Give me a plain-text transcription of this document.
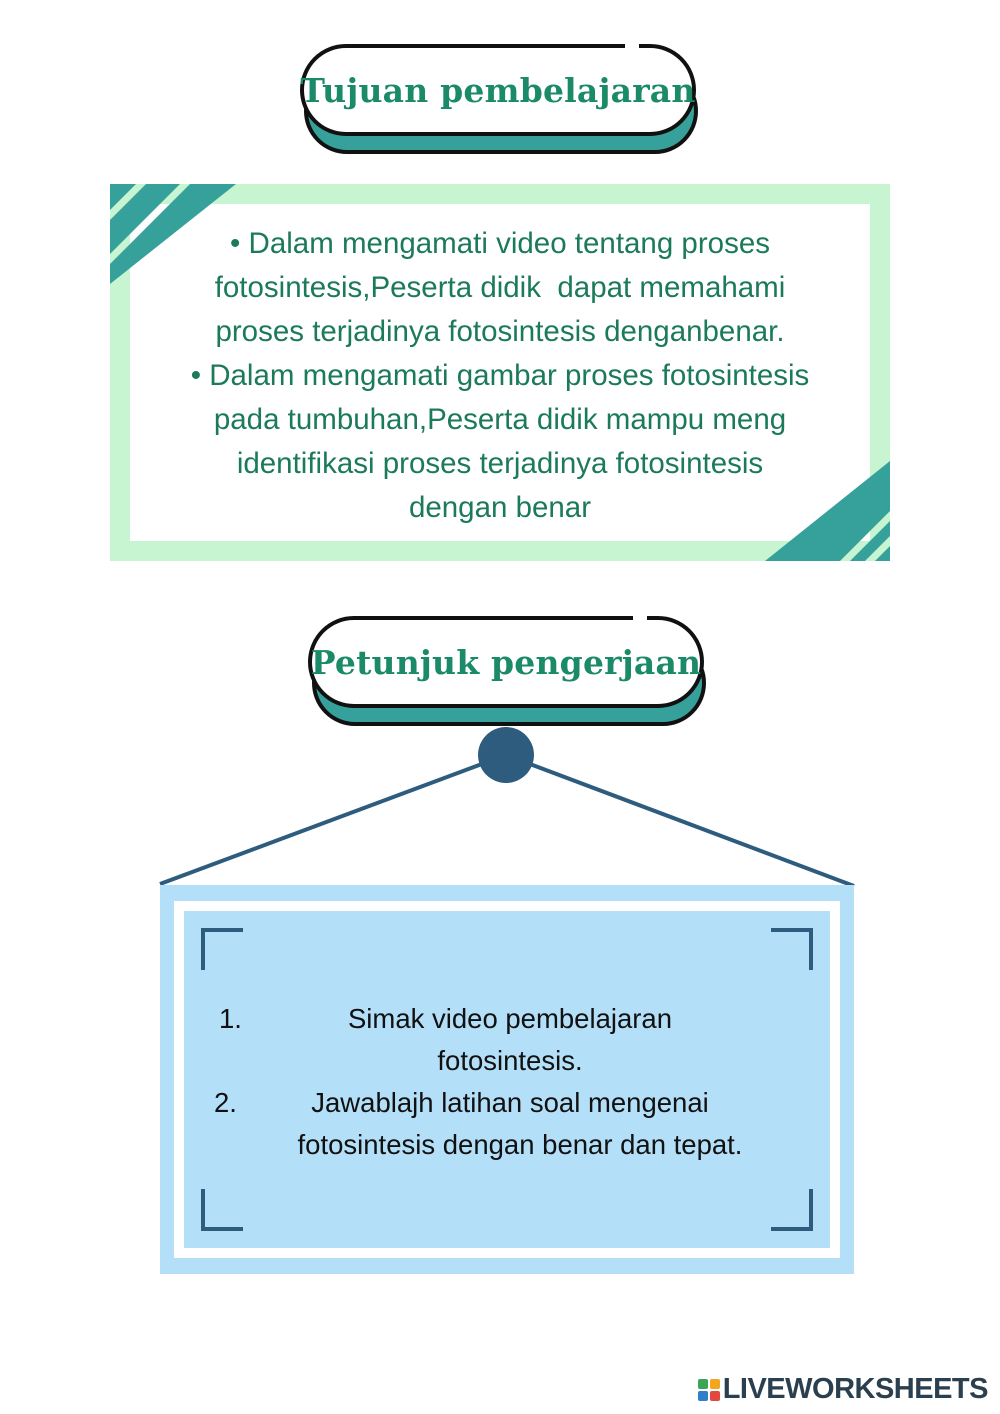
Tujuan pembelajaran
• Dalam mengamati video tentang proses
fotosintesis,Peserta didik  dapat memahami
proses terjadinya fotosintesis denganbenar.
• Dalam mengamati gambar proses fotosintesis
pada tumbuhan,Peserta didik mampu meng
identifikasi proses terjadinya fotosintesis
dengan benar
Petunjuk pengerjaan
1.	Simak video pembelajaran
fotosintesis.
2.	Jawablajh latihan soal mengenai
fotosintesis dengan benar dan tepat.
LIVEWORKSHEETS
